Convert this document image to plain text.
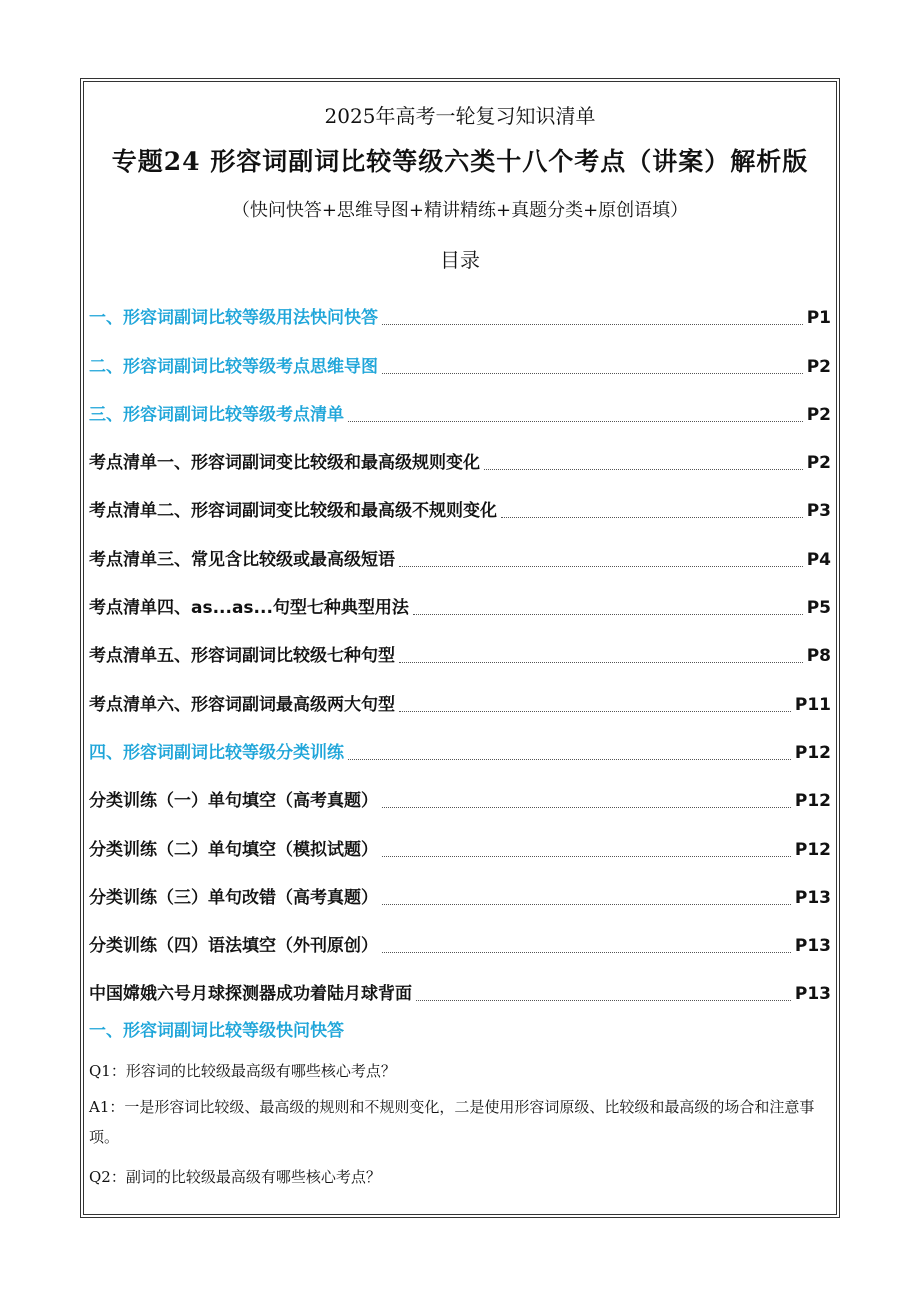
2025年高考一轮复习知识清单
专题24 形容词副词比较等级六类十八个考点（讲案）解析版
（快问快答+思维导图+精讲精练+真题分类+原创语填）
目录
一、形容词副词比较等级用法快问快答	P1
二、形容词副词比较等级考点思维导图	P2
三、形容词副词比较等级考点清单	P2
考点清单一、形容词副词变比较级和最高级规则变化	P2
考点清单二、形容词副词变比较级和最高级不规则变化	P3
考点清单三、常见含比较级或最高级短语	P4
考点清单四、as...as...句型七种典型用法	P5
考点清单五、形容词副词比较级七种句型	P8
考点清单六、形容词副词最高级两大句型	P11
四、形容词副词比较等级分类训练	P12
分类训练（一）单句填空（高考真题）	P12
分类训练（二）单句填空（模拟试题）	P12
分类训练（三）单句改错（高考真题）	P13
分类训练（四）语法填空（外刊原创）	P13
中国嫦娥六号月球探测器成功着陆月球背面	P13
一、形容词副词比较等级快问快答
Q1：形容词的比较级最高级有哪些核心考点？
A1：一是形容词比较级、最高级的规则和不规则变化，二是使用形容词原级、比较级和最高级的场合和注意事项。
Q2：副词的比较级最高级有哪些核心考点？
